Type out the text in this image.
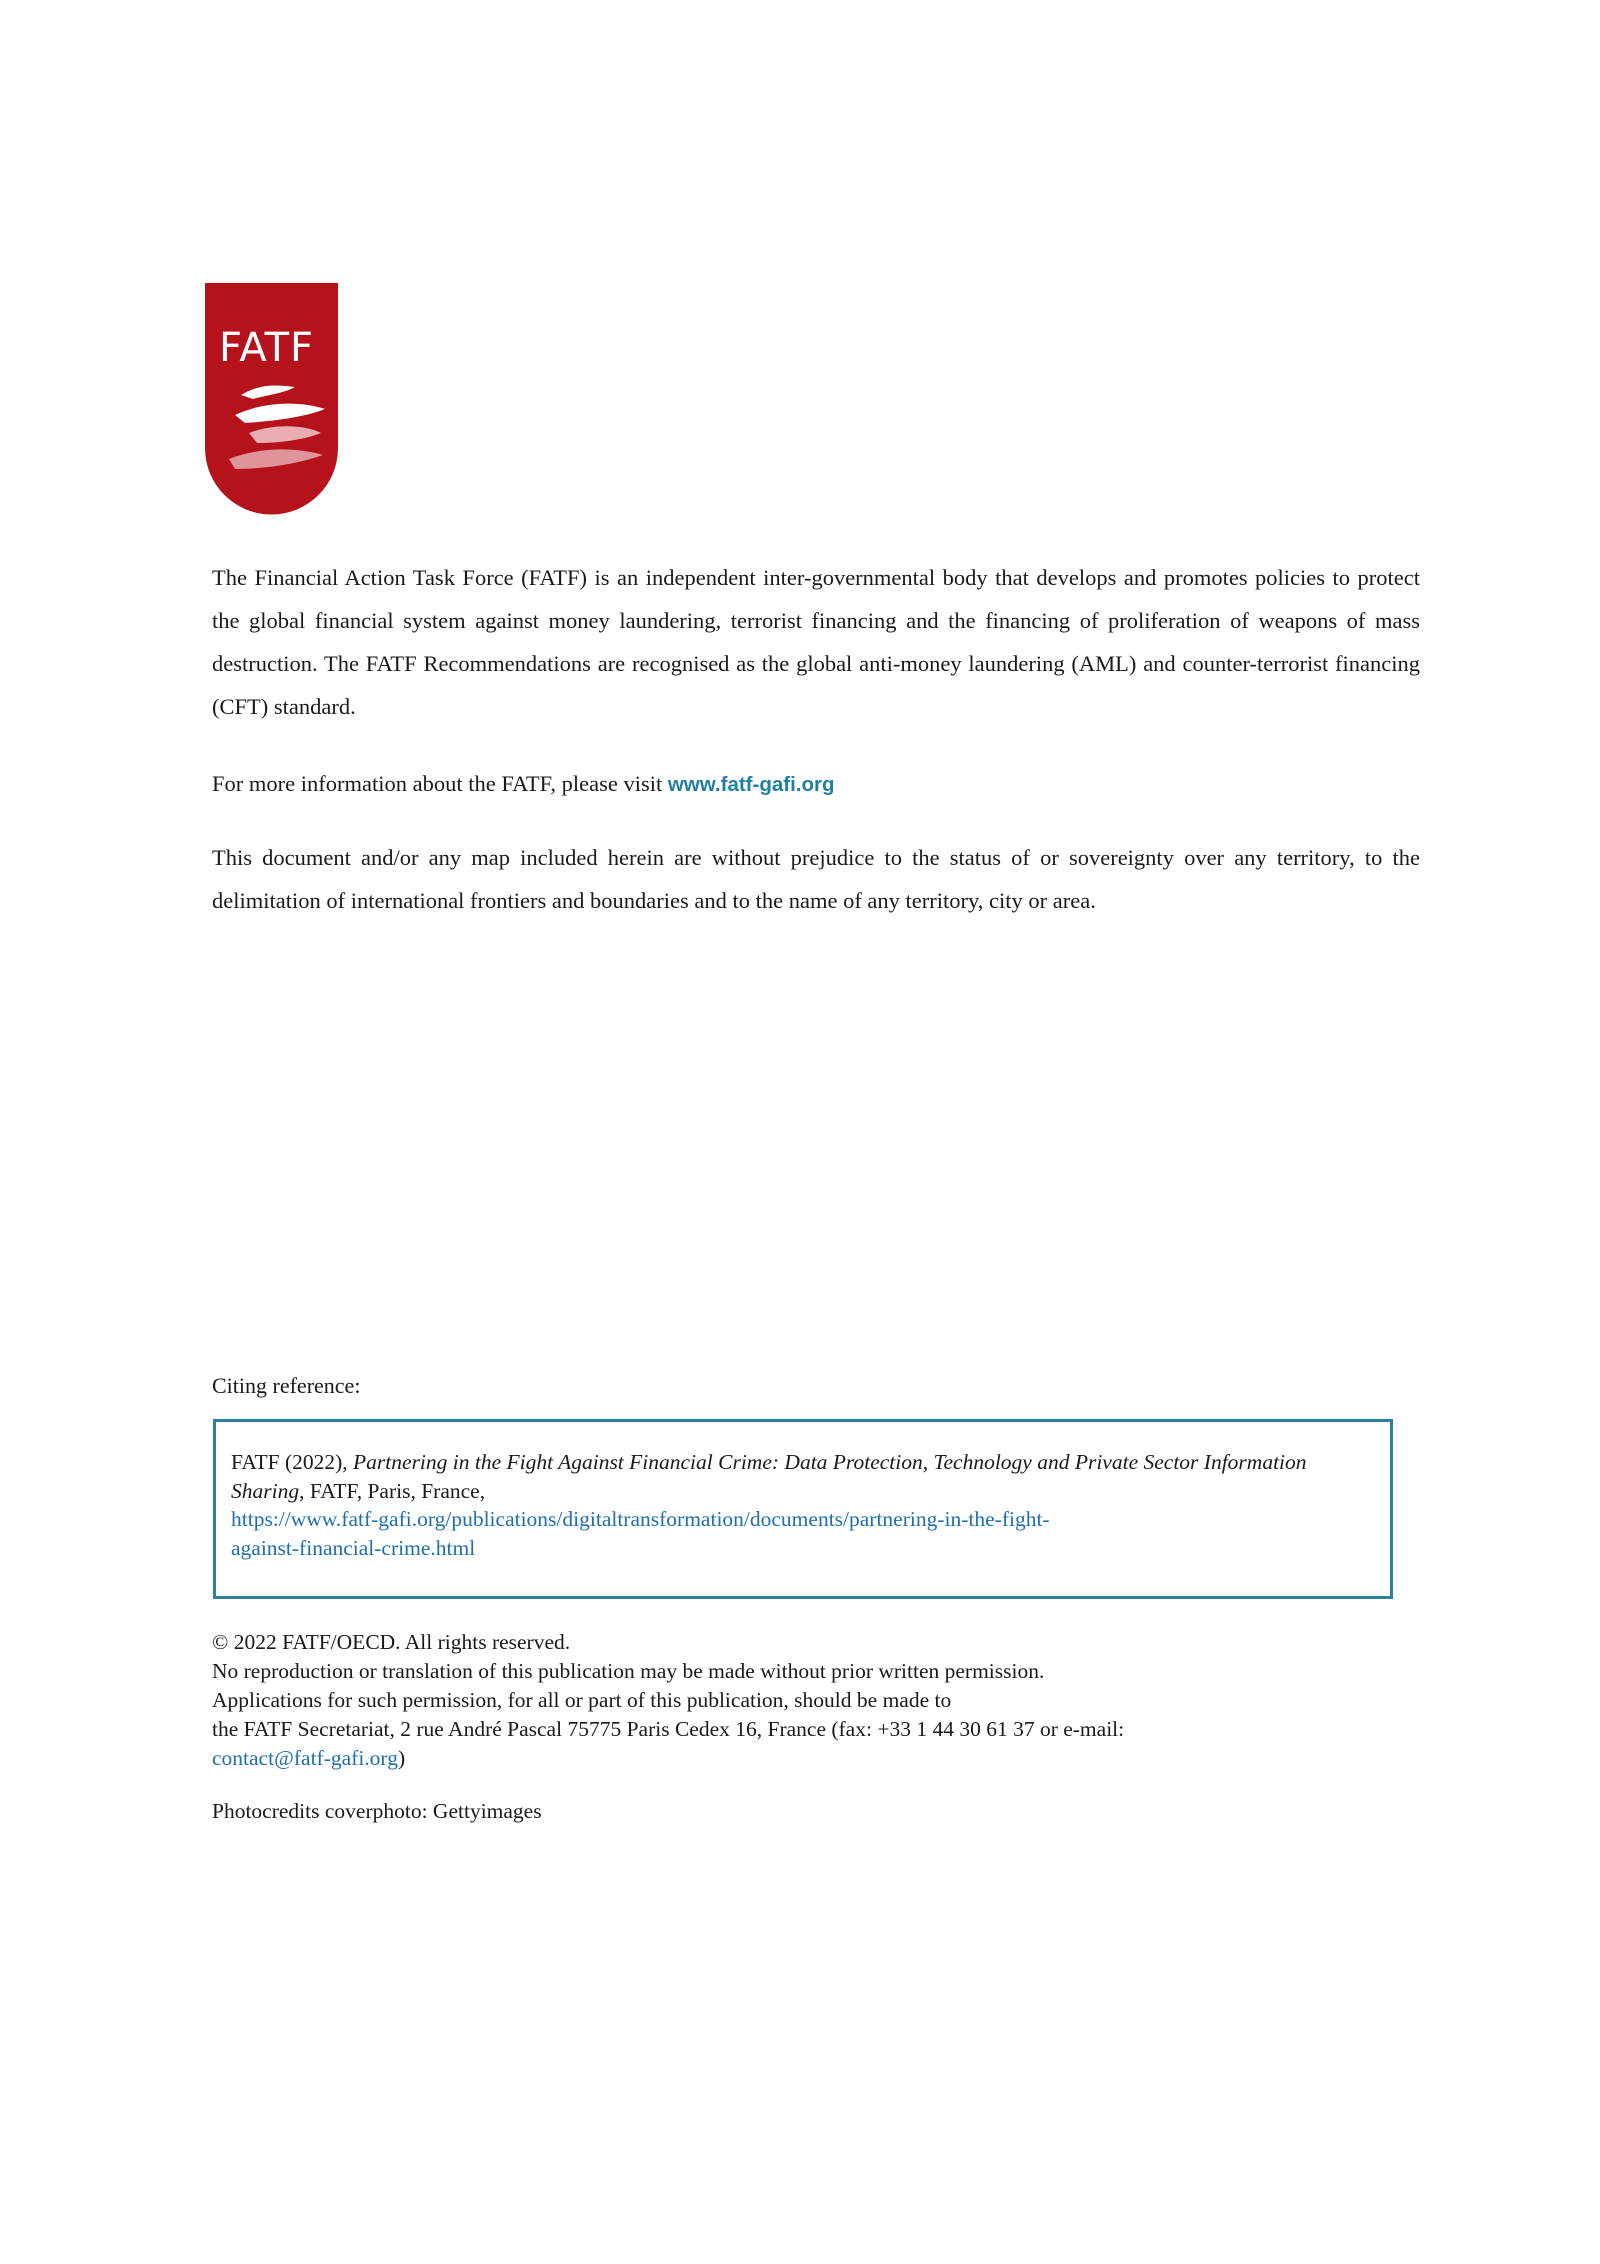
FATF

The Financial Action Task Force (FATF) is an independent inter-governmental body that develops and promotes policies to protect the global financial system against money laundering, terrorist financing and the financing of proliferation of weapons of mass destruction. The FATF Recommendations are recognised as the global anti-money laundering (AML) and counter-terrorist financing (CFT) standard.

For more information about the FATF, please visit www.fatf-gafi.org

This document and/or any map included herein are without prejudice to the status of or sovereignty over any territory, to the delimitation of international frontiers and boundaries and to the name of any territory, city or area.

Citing reference:

FATF (2022), Partnering in the Fight Against Financial Crime: Data Protection, Technology and Private Sector Information Sharing, FATF, Paris, France,
https://www.fatf-gafi.org/publications/digitaltransformation/documents/partnering-in-the-fight-
against-financial-crime.html

© 2022 FATF/OECD. All rights reserved.
No reproduction or translation of this publication may be made without prior written permission.
Applications for such permission, for all or part of this publication, should be made to
the FATF Secretariat, 2 rue André Pascal 75775 Paris Cedex 16, France (fax: +33 1 44 30 61 37 or e-mail:
contact@fatf-gafi.org)

Photocredits coverphoto: Gettyimages
